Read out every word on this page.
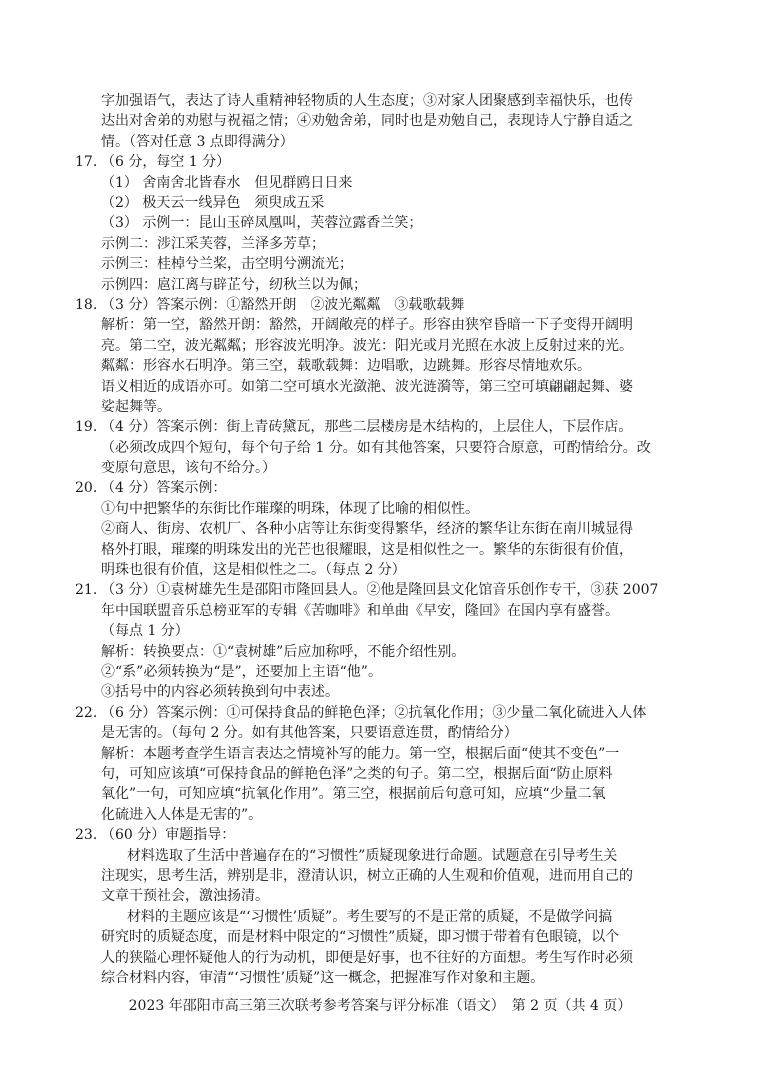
字加强语气，表达了诗人重精神轻物质的人生态度；③对家人团聚感到幸福快乐，也传
达出对舍弟的劝慰与祝福之情；④劝勉舍弟，同时也是劝勉自己，表现诗人宁静自适之
情。（答对任意 3 点即得满分）
17. （6 分，每空 1 分）
（1） 舍南舍北皆春水　但见群鸥日日来
（2） 极天云一线异色　须臾成五采
（3） 示例一：昆山玉碎凤凰叫，芙蓉泣露香兰笑；
示例二：涉江采芙蓉，兰泽多芳草；
示例三：桂棹兮兰桨，击空明兮溯流光；
示例四：扈江离与辟芷兮，纫秋兰以为佩；
18. （3 分）答案示例：①豁然开朗　②波光粼粼　③载歌载舞
解析：第一空，豁然开朗：豁然，开阔敞亮的样子。形容由狭窄昏暗一下子变得开阔明
亮。第二空，波光粼粼；形容波光明净。波光：阳光或月光照在水波上反射过来的光。
粼粼：形容水石明净。第三空，载歌载舞：边唱歌，边跳舞。形容尽情地欢乐。
语义相近的成语亦可。如第二空可填水光潋滟、波光涟漪等，第三空可填翩翩起舞、婆
娑起舞等。
19. （4 分）答案示例：街上青砖黛瓦，那些二层楼房是木结构的，上层住人，下层作店。
（必须改成四个短句，每个句子给 1 分。如有其他答案，只要符合原意，可酌情给分。改
变原句意思，该句不给分。）
20. （4 分）答案示例：
①句中把繁华的东街比作璀璨的明珠，体现了比喻的相似性。
②商人、街房、农机厂、各种小店等让东街变得繁华，经济的繁华让东街在南川城显得
格外打眼，璀璨的明珠发出的光芒也很耀眼，这是相似性之一。繁华的东街很有价值，
明珠也很有价值，这是相似性之二。（每点 2 分）
21. （3 分）①袁树雄先生是邵阳市隆回县人。②他是隆回县文化馆音乐创作专干，③获 2007
年中国联盟音乐总榜亚军的专辑《苦咖啡》和单曲《早安，隆回》在国内享有盛誉。
（每点 1 分）
解析：转换要点：①“袁树雄”后应加称呼，不能介绍性别。
②“系”必须转换为“是”，还要加上主语“他”。
③括号中的内容必须转换到句中表述。
22. （6 分）答案示例：①可保持食品的鲜艳色泽；②抗氧化作用；③少量二氧化硫进入人体
是无害的。（每句 2 分。如有其他答案，只要语意连贯，酌情给分）
解析：本题考查学生语言表达之情境补写的能力。第一空，根据后面“使其不变色”一
句，可知应该填“可保持食品的鲜艳色泽”之类的句子。第二空，根据后面“防止原料
氧化”一句，可知应填“抗氧化作用”。第三空，根据前后句意可知，应填“少量二氧
化硫进入人体是无害的”。
23. （60 分）审题指导：
材料选取了生活中普遍存在的“习惯性”质疑现象进行命题。试题意在引导考生关
注现实，思考生活，辨别是非，澄清认识，树立正确的人生观和价值观，进而用自己的
文章干预社会，激浊扬清。
材料的主题应该是“‘习惯性’质疑”。考生要写的不是正常的质疑，不是做学问搞
研究时的质疑态度，而是材料中限定的“习惯性”质疑，即习惯于带着有色眼镜，以个
人的狭隘心理怀疑他人的行为动机，即便是好事，也不往好的方面想。考生写作时必须
综合材料内容，审清“‘习惯性’质疑”这一概念，把握准写作对象和主题。
2023 年邵阳市高三第三次联考参考答案与评分标准（语文）　第 2 页（共 4 页）
